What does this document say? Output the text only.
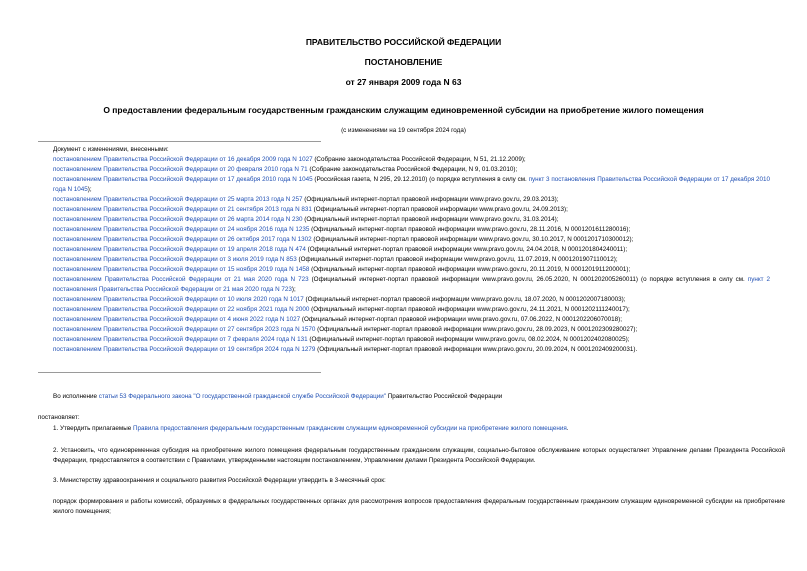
ПРАВИТЕЛЬСТВО РОССИЙСКОЙ ФЕДЕРАЦИИ
ПОСТАНОВЛЕНИЕ
от 27 января 2009 года N 63
О предоставлении федеральным государственным гражданским служащим единовременной субсидии на приобретение жилого помещения
(с изменениями на 19 сентября 2024 года)
Документ с изменениями, внесенными:
постановлением Правительства Российской Федерации от 16 декабря 2009 года N 1027 (Собрание законодательства Российской Федерации, N 51, 21.12.2009);
постановлением Правительства Российской Федерации от 20 февраля 2010 года N 71 (Собрание законодательства Российской Федерации, N 9, 01.03.2010);
постановлением Правительства Российской Федерации от 17 декабря 2010 года N 1045 (Российская газета, N 295, 29.12.2010) (о порядке вступления в силу см. пункт 3 постановления Правительства Российской Федерации от 17 декабря 2010 года N 1045);
постановлением Правительства Российской Федерации от 25 марта 2013 года N 257 (Официальный интернет-портал правовой информации www.pravo.gov.ru, 29.03.2013);
постановлением Правительства Российской Федерации от 21 сентября 2013 года N 831 (Официальный интернет-портал правовой информации www.pravo.gov.ru, 24.09.2013);
постановлением Правительства Российской Федерации от 26 марта 2014 года N 230 (Официальный интернет-портал правовой информации www.pravo.gov.ru, 31.03.2014);
постановлением Правительства Российской Федерации от 24 ноября 2016 года N 1235 (Официальный интернет-портал правовой информации www.pravo.gov.ru, 28.11.2016, N 0001201611280016);
постановлением Правительства Российской Федерации от 26 октября 2017 года N 1302 (Официальный интернет-портал правовой информации www.pravo.gov.ru, 30.10.2017, N 0001201710300012);
постановлением Правительства Российской Федерации от 19 апреля 2018 года N 474 (Официальный интернет-портал правовой информации www.pravo.gov.ru, 24.04.2018, N 0001201804240011);
постановлением Правительства Российской Федерации от 3 июля 2019 года N 853 (Официальный интернет-портал правовой информации www.pravo.gov.ru, 11.07.2019, N 0001201907110012);
постановлением Правительства Российской Федерации от 15 ноября 2019 года N 1458 (Официальный интернет-портал правовой информации www.pravo.gov.ru, 20.11.2019, N 0001201911200001);
постановлением Правительства Российской Федерации от 21 мая 2020 года N 723 (Официальный интернет-портал правовой информации www.pravo.gov.ru, 26.05.2020, N 0001202005260011) (о порядке вступления в силу см. пункт 2 постановления Правительства Российской Федерации от 21 мая 2020 года N 723);
постановлением Правительства Российской Федерации от 10 июля 2020 года N 1017 (Официальный интернет-портал правовой информации www.pravo.gov.ru, 18.07.2020, N 0001202007180003);
постановлением Правительства Российской Федерации от 22 ноября 2021 года N 2000 (Официальный интернет-портал правовой информации www.pravo.gov.ru, 24.11.2021, N 0001202111240017);
постановлением Правительства Российской Федерации от 4 июня 2022 года N 1027 (Официальный интернет-портал правовой информации www.pravo.gov.ru, 07.06.2022, N 0001202206070018);
постановлением Правительства Российской Федерации от 27 сентября 2023 года N 1570 (Официальный интернет-портал правовой информации www.pravo.gov.ru, 28.09.2023, N 0001202309280027);
постановлением Правительства Российской Федерации от 7 февраля 2024 года N 131 (Официальный интернет-портал правовой информации www.pravo.gov.ru, 08.02.2024, N 0001202402080025);
постановлением Правительства Российской Федерации от 19 сентября 2024 года N 1279 (Официальный интернет-портал правовой информации www.pravo.gov.ru, 20.09.2024, N 0001202409200031).
Во исполнение статьи 53 Федерального закона "О государственной гражданской службе Российской Федерации" Правительство Российской Федерации
постановляет:
1. Утвердить прилагаемые Правила предоставления федеральным государственным гражданским служащим единовременной субсидии на приобретение жилого помещения.
2. Установить, что единовременная субсидия на приобретение жилого помещения федеральным государственным гражданским служащим, социально-бытовое обслуживание которых осуществляет Управление делами Президента Российской Федерации, предоставляется в соответствии с Правилами, утвержденными настоящим постановлением, Управлением делами Президента Российской Федерации.
3. Министерству здравоохранения и социального развития Российской Федерации утвердить в 3-месячный срок:
порядок формирования и работы комиссий, образуемых в федеральных государственных органах для рассмотрения вопросов предоставления федеральным государственным гражданским служащим единовременной субсидии на приобретение жилого помещения;
